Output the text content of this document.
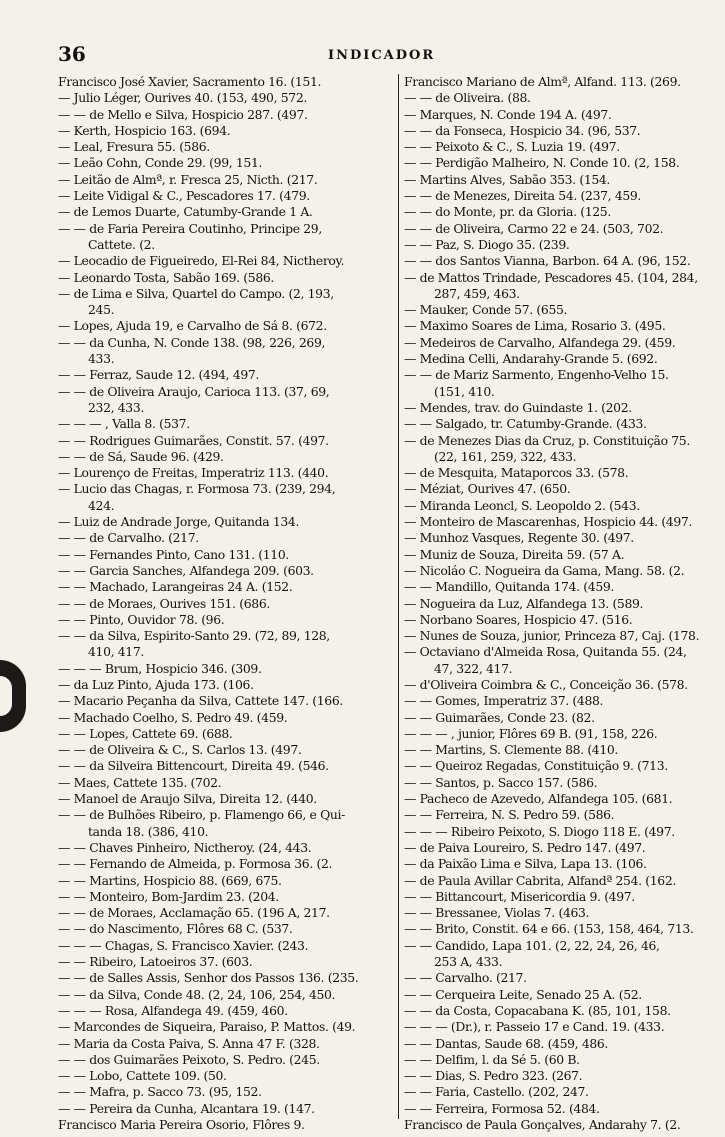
36	INDICADOR
Francisco José Xavier, Sacramento 16. (151.
— Julio Léger, Ourives 40. (153, 490, 572.
— — de Mello e Silva, Hospicio 287. (497.
— Kerth, Hospicio 163. (694.
— Leal, Fresura 55. (586.
— Leão Cohn, Conde 29. (99, 151.
— Leitão de Almª, r. Fresca 25, Nicth. (217.
— Leite Vidigal & C., Pescadores 17. (479.
— de Lemos Duarte, Catumby-Grande 1 A.
— — de Faria Pereira Coutinho, Principe 29,
Cattete. (2.
— Leocadio de Figueiredo, El-Rei 84, Nictheroy.
— Leonardo Tosta, Sabão 169. (586.
— de Lima e Silva, Quartel do Campo. (2, 193,
245.
— Lopes, Ajuda 19, e Carvalho de Sá 8. (672.
— — da Cunha, N. Conde 138. (98, 226, 269,
433.
— — Ferraz, Saude 12. (494, 497.
— — de Oliveira Araujo, Carioca 113. (37, 69,
232, 433.
— — — , Valla 8. (537.
— — Rodrigues Guimarães, Constit. 57. (497.
— — de Sá, Saude 96. (429.
— Lourenço de Freitas, Imperatriz 113. (440.
— Lucio das Chagas, r. Formosa 73. (239, 294,
424.
— Luiz de Andrade Jorge, Quitanda 134.
— — de Carvalho. (217.
— — Fernandes Pinto, Cano 131. (110.
— — Garcia Sanches, Alfandega 209. (603.
— — Machado, Larangeiras 24 A. (152.
— — de Moraes, Ourives 151. (686.
— — Pinto, Ouvidor 78. (96.
— — da Silva, Espirito-Santo 29. (72, 89, 128,
410, 417.
— — — Brum, Hospicio 346. (309.
— da Luz Pinto, Ajuda 173. (106.
— Macario Peçanha da Silva, Cattete 147. (166.
— Machado Coelho, S. Pedro 49. (459.
— — Lopes, Cattete 69. (688.
— — de Oliveira & C., S. Carlos 13. (497.
— — da Silveira Bittencourt, Direita 49. (546.
— Maes, Cattete 135. (702.
— Manoel de Araujo Silva, Direita 12. (440.
— — de Bulhões Ribeiro, p. Flamengo 66, e Qui-
tanda 18. (386, 410.
— — Chaves Pinheiro, Nictheroy. (24, 443.
— — Fernando de Almeida, p. Formosa 36. (2.
— — Martins, Hospicio 88. (669, 675.
— — Monteiro, Bom-Jardim 23. (204.
— — de Moraes, Acclamação 65. (196 A, 217.
— — do Nascimento, Flôres 68 C. (537.
— — — Chagas, S. Francisco Xavier. (243.
— — Ribeiro, Latoeiros 37. (603.
— — de Salles Assis, Senhor dos Passos 136. (235.
— — da Silva, Conde 48. (2, 24, 106, 254, 450.
— — — Rosa, Alfandega 49. (459, 460.
— Marcondes de Siqueira, Paraiso, P. Mattos. (49.
— Maria da Costa Paiva, S. Anna 47 F. (328.
— — dos Guimarães Peixoto, S. Pedro. (245.
— — Lobo, Cattete 109. (50.
— — Mafra, p. Sacco 73. (95, 152.
— — Pereira da Cunha, Alcantara 19. (147.
Francisco Maria Pereira Osorio, Flôres 9.
Francisco Mariano de Almª, Alfand. 113. (269.
— — de Oliveira. (88.
— Marques, N. Conde 194 A. (497.
— — da Fonseca, Hospicio 34. (96, 537.
— — Peixoto & C., S. Luzia 19. (497.
— — Perdigão Malheiro, N. Conde 10. (2, 158.
— Martins Alves, Sabão 353. (154.
— — de Menezes, Direita 54. (237, 459.
— — do Monte, pr. da Gloria. (125.
— — de Oliveira, Carmo 22 e 24. (503, 702.
— — Paz, S. Diogo 35. (239.
— — dos Santos Vianna, Barbon. 64 A. (96, 152.
— de Mattos Trindade, Pescadores 45. (104, 284,
287, 459, 463.
— Mauker, Conde 57. (655.
— Maximo Soares de Lima, Rosario 3. (495.
— Medeiros de Carvalho, Alfandega 29. (459.
— Medina Celli, Andarahy-Grande 5. (692.
— — de Mariz Sarmento, Engenho-Velho 15.
(151, 410.
— Mendes, trav. do Guindaste 1. (202.
— — Salgado, tr. Catumby-Grande. (433.
— de Menezes Dias da Cruz, p. Constituição 75.
(22, 161, 259, 322, 433.
— de Mesquita, Mataporcos 33. (578.
— Méziat, Ourives 47. (650.
— Miranda Leoncl, S. Leopoldo 2. (543.
— Monteiro de Mascarenhas, Hospicio 44. (497.
— Munhoz Vasques, Regente 30. (497.
— Muniz de Souza, Direita 59. (57 A.
— Nicoláo C. Nogueira da Gama, Mang. 58. (2.
— — Mandillo, Quitanda 174. (459.
— Nogueira da Luz, Alfandega 13. (589.
— Norbano Soares, Hospicio 47. (516.
— Nunes de Souza, junior, Princeza 87, Caj. (178.
— Octaviano d'Almeida Rosa, Quitanda 55. (24,
47, 322, 417.
— d'Oliveira Coimbra & C., Conceição 36. (578.
— — Gomes, Imperatriz 37. (488.
— — Guimarães, Conde 23. (82.
— — — , junior, Flôres 69 B. (91, 158, 226.
— — Martins, S. Clemente 88. (410.
— — Queiroz Regadas, Constituição 9. (713.
— — Santos, p. Sacco 157. (586.
— Pacheco de Azevedo, Alfandega 105. (681.
— — Ferreira, N. S. Pedro 59. (586.
— — — Ribeiro Peixoto, S. Diogo 118 E. (497.
— de Paiva Loureiro, S. Pedro 147. (497.
— da Paixão Lima e Silva, Lapa 13. (106.
— de Paula Avillar Cabrita, Alfandª 254. (162.
— — Bittancourt, Misericordia 9. (497.
— — Bressanee, Violas 7. (463.
— — Brito, Constit. 64 e 66. (153, 158, 464, 713.
— — Candido, Lapa 101. (2, 22, 24, 26, 46,
253 A, 433.
— — Carvalho. (217.
— — Cerqueira Leite, Senado 25 A. (52.
— — da Costa, Copacabana K. (85, 101, 158.
— — — (Dr.), r. Passeio 17 e Cand. 19. (433.
— — Dantas, Saude 68. (459, 486.
— — Delfim, l. da Sé 5. (60 B.
— — Dias, S. Pedro 323. (267.
— — Faria, Castello. (202, 247.
— — Ferreira, Formosa 52. (484.
Francisco de Paula Gonçalves, Andarahy 7. (2.
